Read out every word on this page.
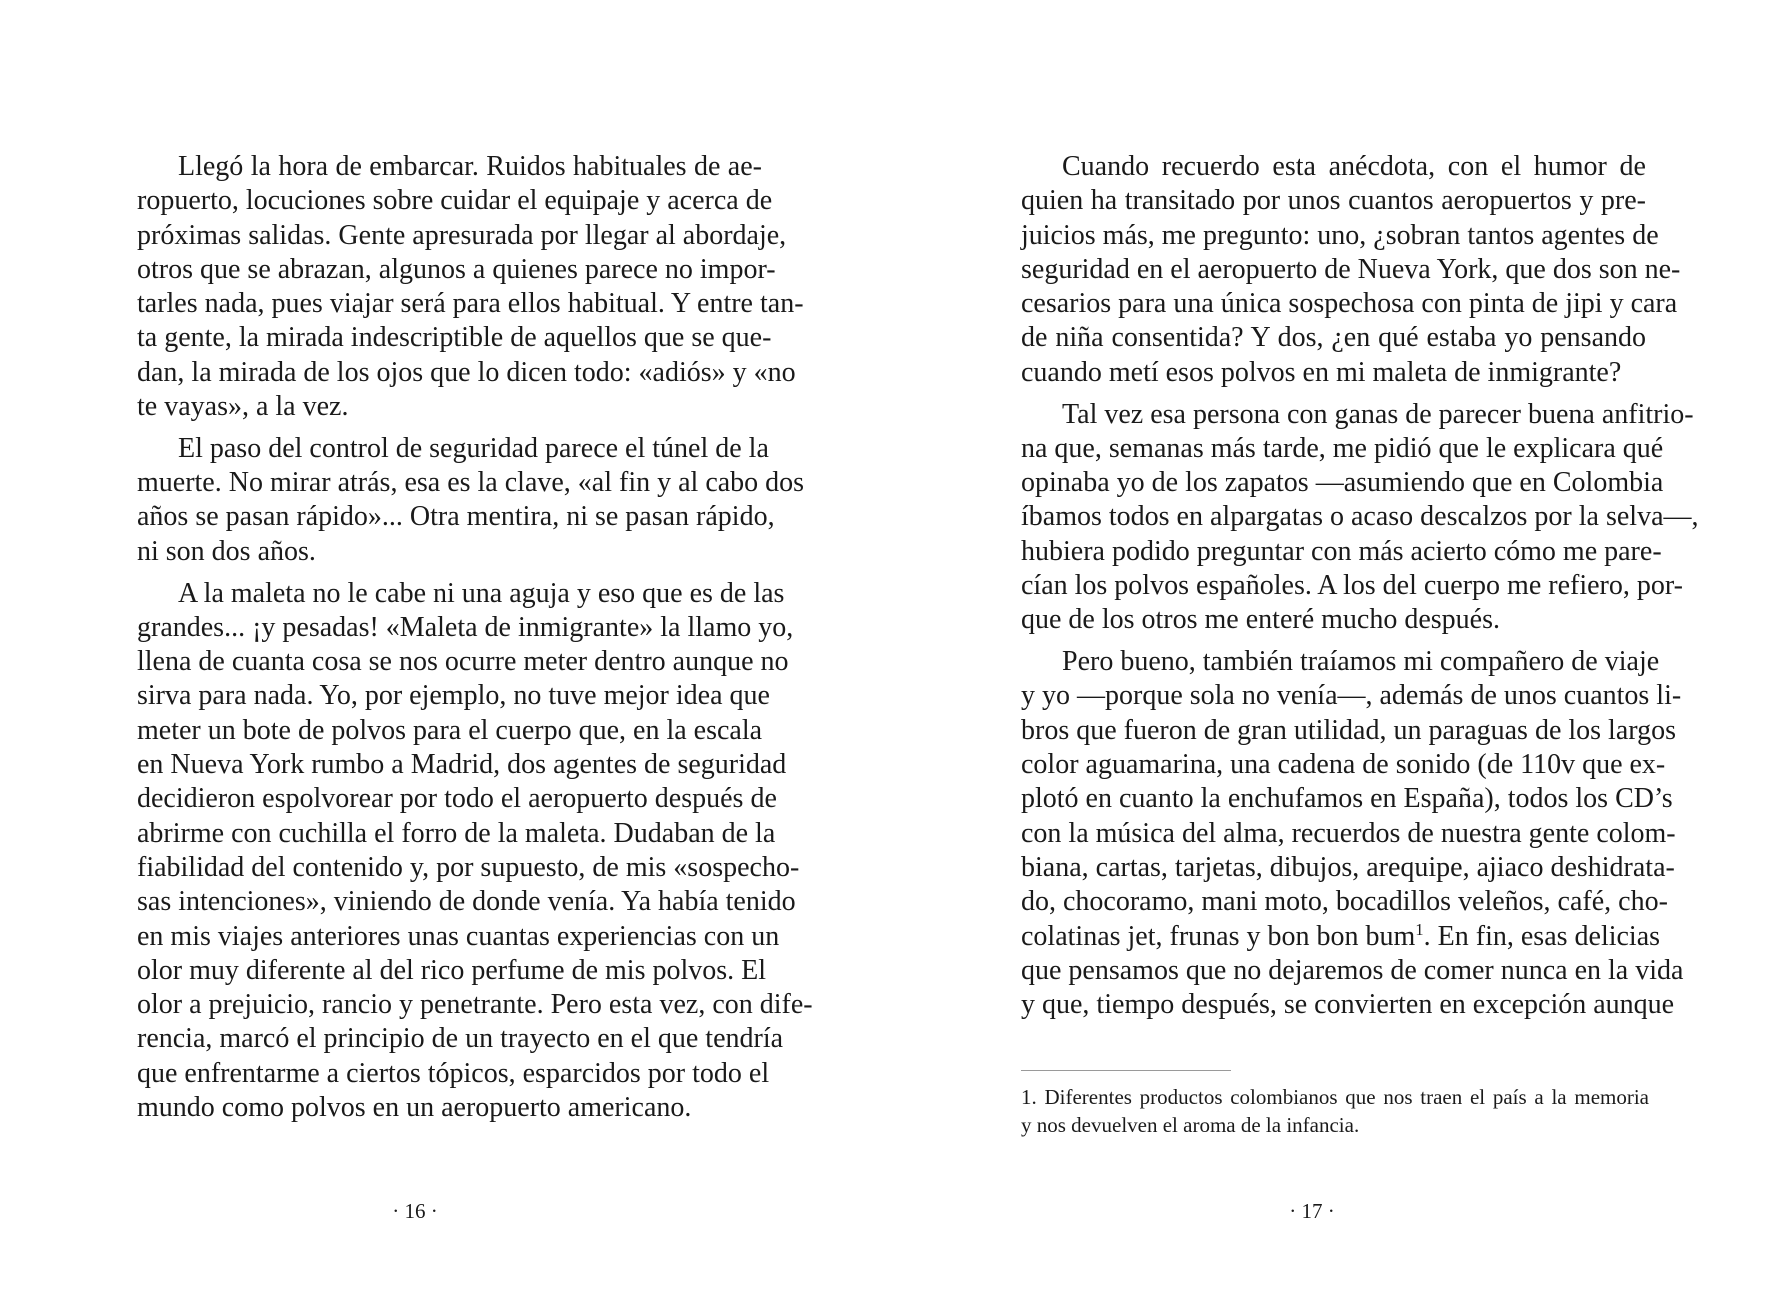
Llegó la hora de embarcar. Ruidos habituales de ae-
ropuerto, locuciones sobre cuidar el equipaje y acerca de
próximas salidas. Gente apresurada por llegar al abordaje,
otros que se abrazan, algunos a quienes parece no impor-
tarles nada, pues viajar será para ellos habitual. Y entre tan-
ta gente, la mirada indescriptible de aquellos que se que-
dan, la mirada de los ojos que lo dicen todo: «adiós» y «no
te vayas», a la vez.

El paso del control de seguridad parece el túnel de la
muerte. No mirar atrás, esa es la clave, «al fin y al cabo dos
años se pasan rápido»... Otra mentira, ni se pasan rápido,
ni son dos años.

A la maleta no le cabe ni una aguja y eso que es de las
grandes... ¡y pesadas! «Maleta de inmigrante» la llamo yo,
llena de cuanta cosa se nos ocurre meter dentro aunque no
sirva para nada. Yo, por ejemplo, no tuve mejor idea que
meter un bote de polvos para el cuerpo que, en la escala
en Nueva York rumbo a Madrid, dos agentes de seguridad
decidieron espolvorear por todo el aeropuerto después de
abrirme con cuchilla el forro de la maleta. Dudaban de la
fiabilidad del contenido y, por supuesto, de mis «sospecho-
sas intenciones», viniendo de donde venía. Ya había tenido
en mis viajes anteriores unas cuantas experiencias con un
olor muy diferente al del rico perfume de mis polvos. El
olor a prejuicio, rancio y penetrante. Pero esta vez, con dife-
rencia, marcó el principio de un trayecto en el que tendría
que enfrentarme a ciertos tópicos, esparcidos por todo el
mundo como polvos en un aeropuerto americano.

· 16 ·

Cuando recuerdo esta anécdota, con el humor de
quien ha transitado por unos cuantos aeropuertos y pre-
juicios más, me pregunto: uno, ¿sobran tantos agentes de
seguridad en el aeropuerto de Nueva York, que dos son ne-
cesarios para una única sospechosa con pinta de jipi y cara
de niña consentida? Y dos, ¿en qué estaba yo pensando
cuando metí esos polvos en mi maleta de inmigrante?

Tal vez esa persona con ganas de parecer buena anfitrio-
na que, semanas más tarde, me pidió que le explicara qué
opinaba yo de los zapatos —asumiendo que en Colombia
íbamos todos en alpargatas o acaso descalzos por la selva—,
hubiera podido preguntar con más acierto cómo me pare-
cían los polvos españoles. A los del cuerpo me refiero, por-
que de los otros me enteré mucho después.

Pero bueno, también traíamos mi compañero de viaje
y yo —porque sola no venía—, además de unos cuantos li-
bros que fueron de gran utilidad, un paraguas de los largos
color aguamarina, una cadena de sonido (de 110v que ex-
plotó en cuanto la enchufamos en España), todos los CD’s
con la música del alma, recuerdos de nuestra gente colom-
biana, cartas, tarjetas, dibujos, arequipe, ajiaco deshidrata-
do, chocoramo, mani moto, bocadillos veleños, café, cho-
colatinas jet, frunas y bon bon bum$^1$. En fin, esas delicias
que pensamos que no dejaremos de comer nunca en la vida
y que, tiempo después, se convierten en excepción aunque

1. Diferentes productos colombianos que nos traen el país a la memoria
y nos devuelven el aroma de la infancia.
· 17 ·
